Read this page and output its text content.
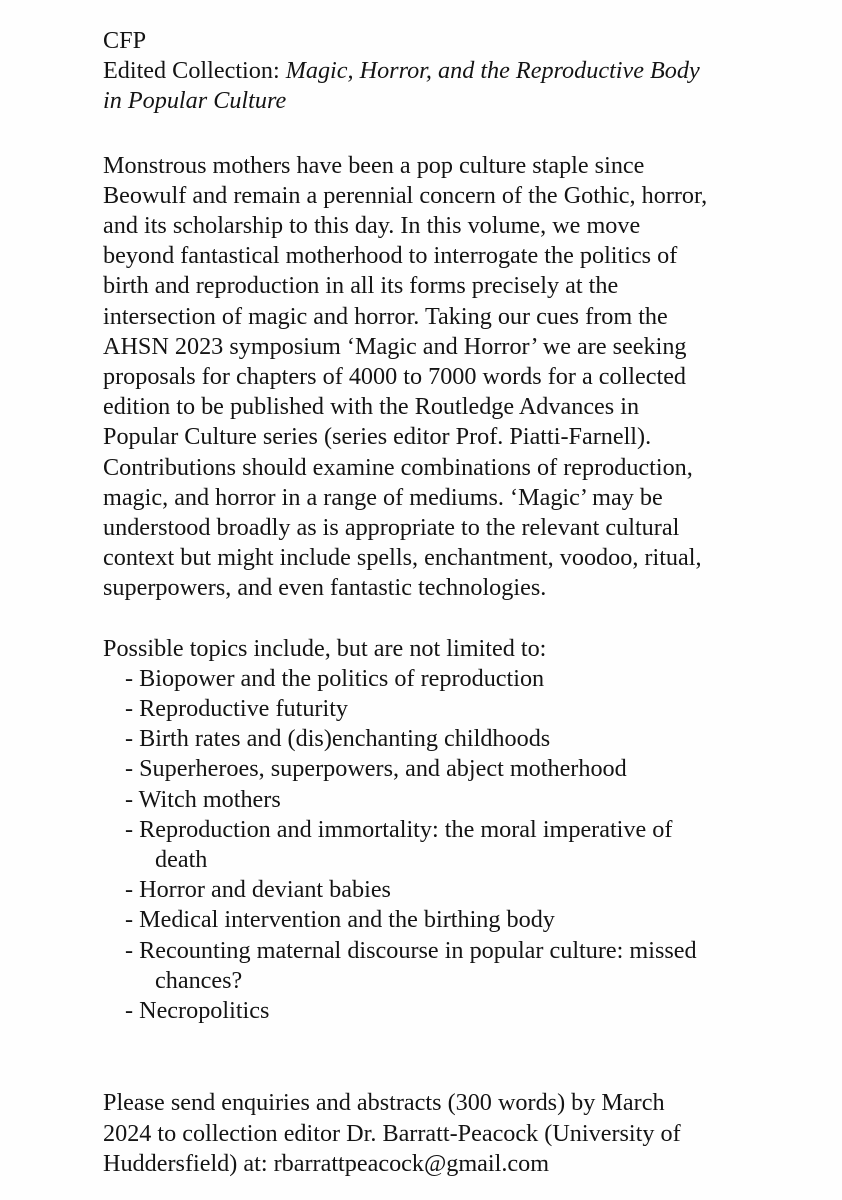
CFP
Edited Collection: Magic, Horror, and the Reproductive Body
in Popular Culture
Monstrous mothers have been a pop culture staple since
Beowulf and remain a perennial concern of the Gothic, horror,
and its scholarship to this day. In this volume, we move
beyond fantastical motherhood to interrogate the politics of
birth and reproduction in all its forms precisely at the
intersection of magic and horror. Taking our cues from the
AHSN 2023 symposium ‘Magic and Horror’ we are seeking
proposals for chapters of 4000 to 7000 words for a collected
edition to be published with the Routledge Advances in
Popular Culture series (series editor Prof. Piatti-Farnell).
Contributions should examine combinations of reproduction,
magic, and horror in a range of mediums. ‘Magic’ may be
understood broadly as is appropriate to the relevant cultural
context but might include spells, enchantment, voodoo, ritual,
superpowers, and even fantastic technologies.
Possible topics include, but are not limited to:
- Biopower and the politics of reproduction
- Reproductive futurity
- Birth rates and (dis)enchanting childhoods
- Superheroes, superpowers, and abject motherhood
- Witch mothers
- Reproduction and immortality: the moral imperative of
death
- Horror and deviant babies
- Medical intervention and the birthing body
- Recounting maternal discourse in popular culture: missed
chances?
- Necropolitics
Please send enquiries and abstracts (300 words) by March
2024 to collection editor Dr. Barratt-Peacock (University of
Huddersfield) at: rbarrattpeacock@gmail.com
